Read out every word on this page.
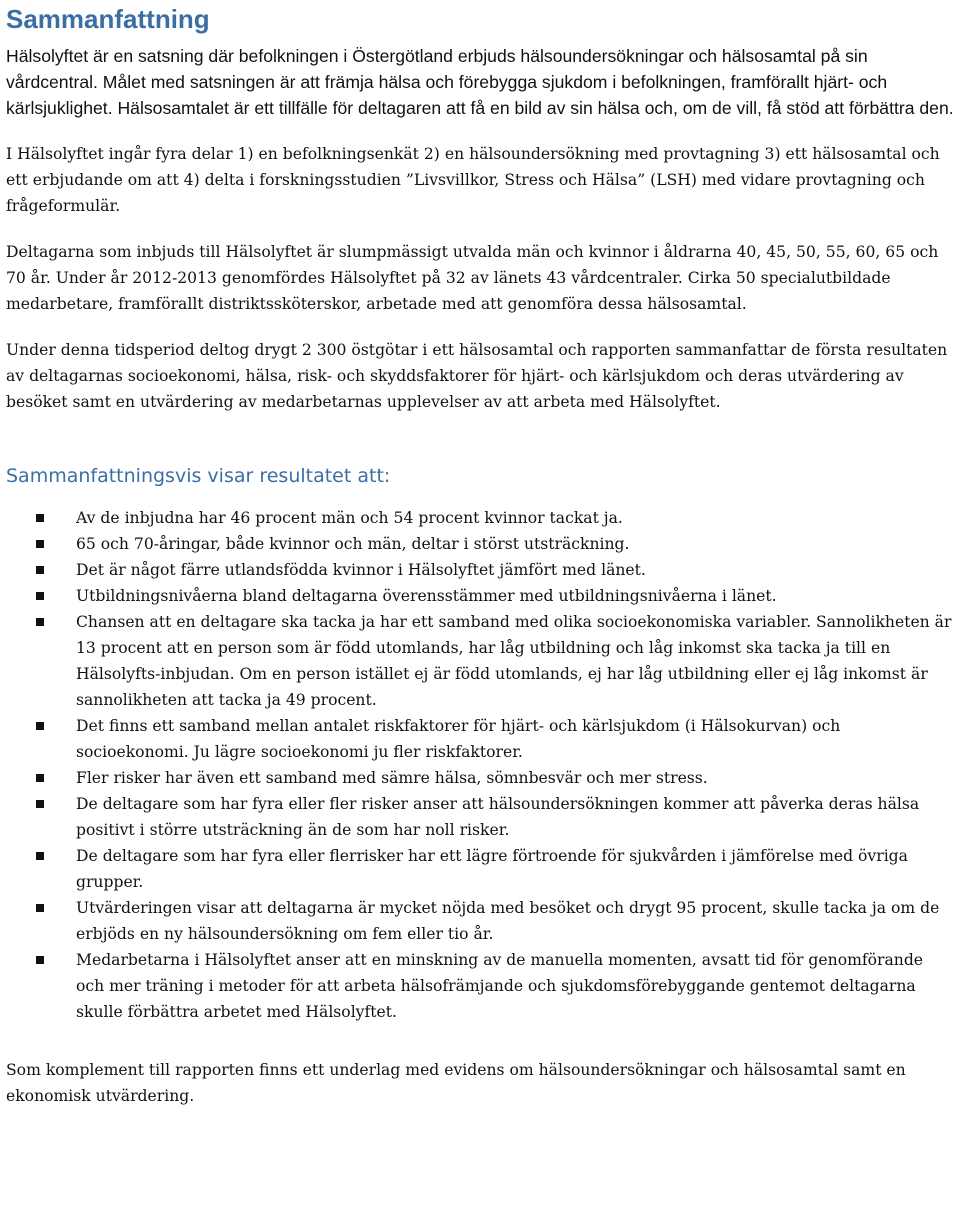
Sammanfattning

Hälsolyftet är en satsning där befolkningen i Östergötland erbjuds hälsoundersökningar och hälsosamtal på sin vårdcentral. Målet med satsningen är att främja hälsa och förebygga sjukdom i befolkningen, framförallt hjärt- och kärlsjuklighet. Hälsosamtalet är ett tillfälle för deltagaren att få en bild av sin hälsa och, om de vill, få stöd att förbättra den.

I Hälsolyftet ingår fyra delar 1) en befolkningsenkät 2) en hälsoundersökning med provtagning 3) ett hälsosamtal och ett erbjudande om att 4) delta i forskningsstudien ”Livsvillkor, Stress och Hälsa” (LSH) med vidare provtagning och frågeformulär.

Deltagarna som inbjuds till Hälsolyftet är slumpmässigt utvalda män och kvinnor i åldrarna 40, 45, 50, 55, 60, 65 och 70 år. Under år 2012-2013 genomfördes Hälsolyftet på 32 av länets 43 vårdcentraler. Cirka 50 specialutbildade medarbetare, framförallt distriktssköterskor, arbetade med att genomföra dessa hälsosamtal.

Under denna tidsperiod deltog drygt 2 300 östgötar i ett hälsosamtal och rapporten sammanfattar de första resultaten av deltagarnas socioekonomi, hälsa, risk- och skyddsfaktorer för hjärt- och kärlsjukdom och deras utvärdering av besöket samt en utvärdering av medarbetarnas upplevelser av att arbeta med Hälsolyftet.

Sammanfattningsvis visar resultatet att:
Av de inbjudna har 46 procent män och 54 procent kvinnor tackat ja.
65 och 70-åringar, både kvinnor och män, deltar i störst utsträckning.
Det är något färre utlandsfödda kvinnor i Hälsolyftet jämfört med länet.
Utbildningsnivåerna bland deltagarna överensstämmer med utbildningsnivåerna i länet.
Chansen att en deltagare ska tacka ja har ett samband med olika socioekonomiska variabler. Sannolikheten är 13 procent att en person som är född utomlands, har låg utbildning och låg inkomst ska tacka ja till en Hälsolyfts-inbjudan. Om en person istället ej är född utomlands, ej har låg utbildning eller ej låg inkomst är sannolikheten att tacka ja 49 procent.
Det finns ett samband mellan antalet riskfaktorer för hjärt- och kärlsjukdom (i Hälsokurvan) och socioekonomi. Ju lägre socioekonomi ju fler riskfaktorer.
Fler risker har även ett samband med sämre hälsa, sömnbesvär och mer stress.
De deltagare som har fyra eller fler risker anser att hälsoundersökningen kommer att påverka deras hälsa positivt i större utsträckning än de som har noll risker.
De deltagare som har fyra eller flerrisker har ett lägre förtroende för sjukvården i jämförelse med övriga grupper.
Utvärderingen visar att deltagarna är mycket nöjda med besöket och drygt 95 procent, skulle tacka ja om de erbjöds en ny hälsoundersökning om fem eller tio år.
Medarbetarna i Hälsolyftet anser att en minskning av de manuella momenten, avsatt tid för genomförande och mer träning i metoder för att arbeta hälsofrämjande och sjukdomsförebyggande gentemot deltagarna skulle förbättra arbetet med Hälsolyftet.

Som komplement till rapporten finns ett underlag med evidens om hälsoundersökningar och hälsosamtal samt en ekonomisk utvärdering.
